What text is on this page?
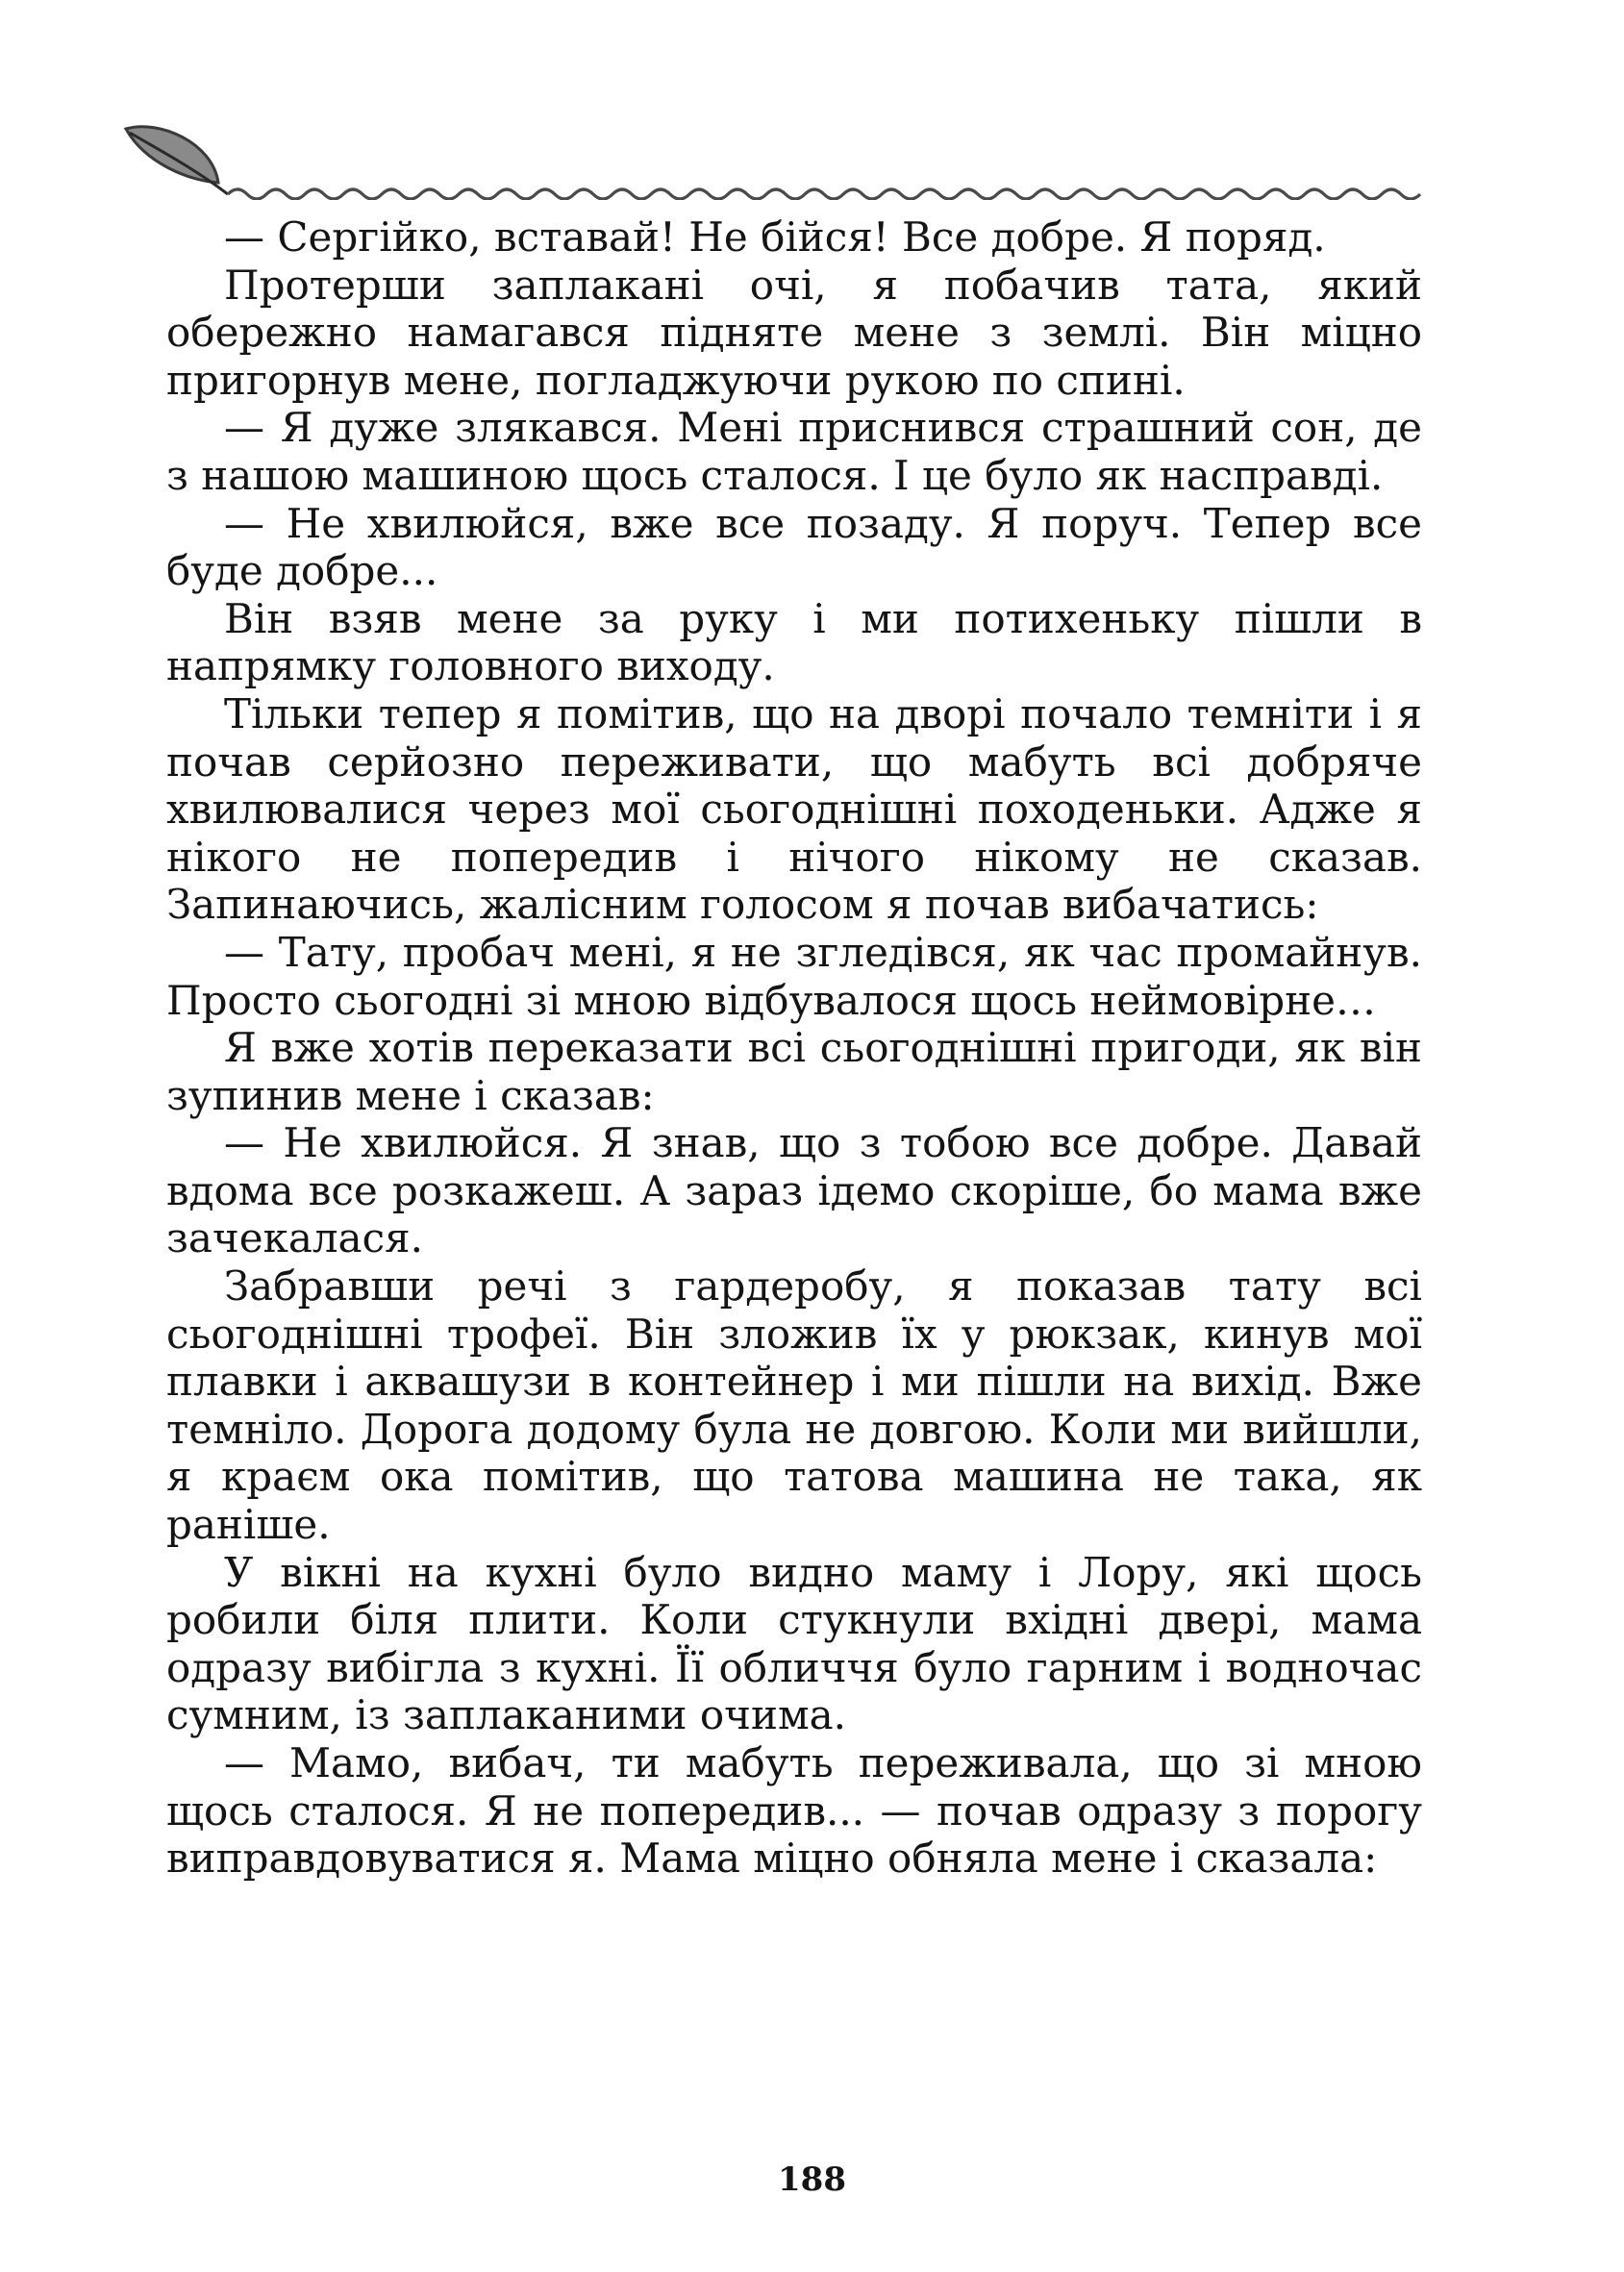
— Сергійко, вставай! Не бійся! Все добре. Я поряд.

Протерши заплакані очі, я побачив тата, який обережно намагався підняте мене з землі. Він міцно пригорнув мене, погладжуючи рукою по спині.

— Я дуже злякався. Мені приснився страшний сон, де з нашою машиною щось сталося. І це було як насправді.

— Не хвилюйся, вже все позаду. Я поруч. Тепер все буде добре...

Він взяв мене за руку і ми потихеньку пішли в напрямку головного виходу.

Тільки тепер я помітив, що на дворі почало темніти і я почав серйозно переживати, що мабуть всі добряче хвилювалися через мої сьогоднішні походеньки. Адже я нікого не попередив і нічого нікому не сказав. Запинаючись, жалісним голосом я почав вибачатись:

— Тату, пробач мені, я не згледівся, як час промайнув. Просто сьогодні зі мною відбувалося щось неймовірне…

Я вже хотів переказати всі сьогоднішні пригоди, як він зупинив мене і сказав:

— Не хвилюйся. Я знав, що з тобою все добре. Давай вдома все розкажеш. А зараз ідемо скоріше, бо мама вже зачекалася.

Забравши речі з гардеробу, я показав тату всі сьогоднішні трофеї. Він зложив їх у рюкзак, кинув мої плавки і аквашузи в контейнер і ми пішли на вихід. Вже темніло. Дорога додому була не довгою. Коли ми вийшли, я краєм ока помітив, що татова машина не така, як раніше.

У вікні на кухні було видно маму і Лору, які щось робили біля плити. Коли стукнули вхідні двері, мама одразу вибігла з кухні. Її обличчя було гарним і водночас сумним, із заплаканими очима.

— Мамо, вибач, ти мабуть переживала, що зі мною щось сталося. Я не попередив... — почав одразу з порогу виправдовуватися я. Мама міцно обняла мене і сказала:

188
